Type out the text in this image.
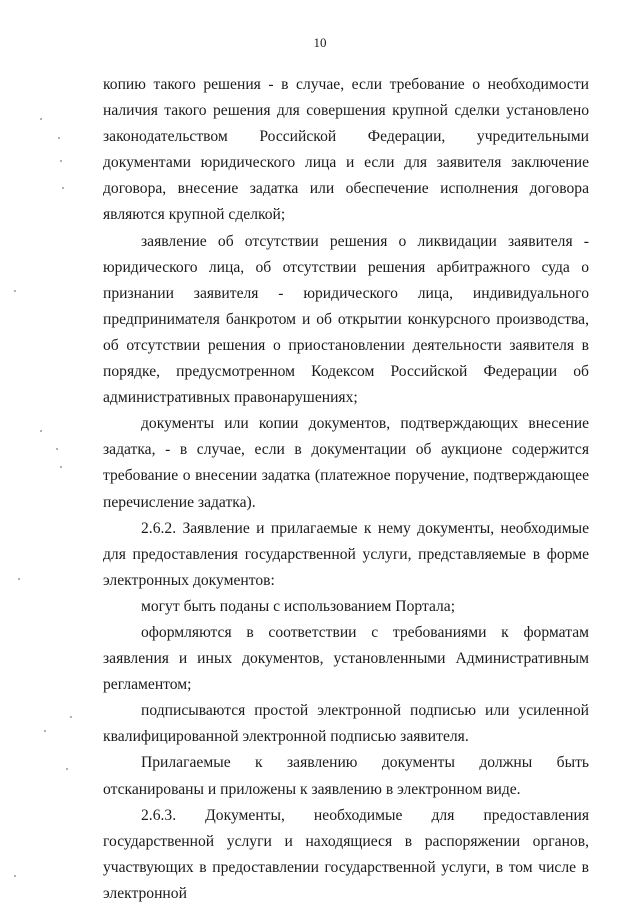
10

копию такого решения - в случае, если требование о необходимости наличия такого решения для совершения крупной сделки установлено законодательством Российской Федерации, учредительными документами юридического лица и если для заявителя заключение договора, внесение задатка или обеспечение исполнения договора являются крупной сделкой;

заявление об отсутствии решения о ликвидации заявителя - юридического лица, об отсутствии решения арбитражного суда о признании заявителя - юридического лица, индивидуального предпринимателя банкротом и об открытии конкурсного производства, об отсутствии решения о приостановлении деятельности заявителя в порядке, предусмотренном Кодексом Российской Федерации об административных правонарушениях;

документы или копии документов, подтверждающих внесение задатка, - в случае, если в документации об аукционе содержится требование о внесении задатка (платежное поручение, подтверждающее перечисление задатка).

2.6.2. Заявление и прилагаемые к нему документы, необходимые для предоставления государственной услуги, представляемые в форме электронных документов:

могут быть поданы с использованием Портала;

оформляются в соответствии с требованиями к форматам заявления и иных документов, установленными Административным регламентом;

подписываются простой электронной подписью или усиленной квалифицированной электронной подписью заявителя.

Прилагаемые к заявлению документы должны быть отсканированы и приложены к заявлению в электронном виде.

2.6.3. Документы, необходимые для предоставления государственной услуги и находящиеся в распоряжении органов, участвующих в предоставлении государственной услуги, в том числе в электронной
